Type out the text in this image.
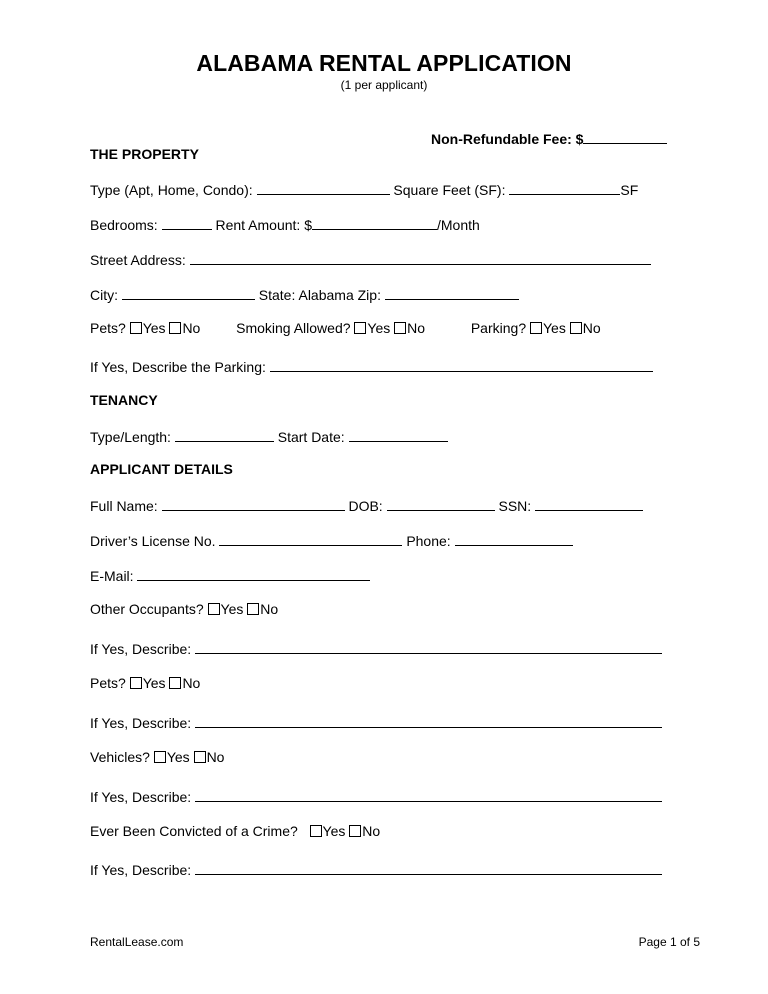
ALABAMA RENTAL APPLICATION
(1 per applicant)
Non-Refundable Fee: $
THE PROPERTY
Type (Apt, Home, Condo):	Square Feet (SF):	SF
Bedrooms:	Rent Amount: $	/Month
Street Address:
City:	State: Alabama Zip:
Pets? Yes No	Smoking Allowed? Yes No	Parking? Yes No
If Yes, Describe the Parking:
TENANCY
Type/Length:	Start Date:
APPLICANT DETAILS
Full Name:	DOB:	SSN:
Driver’s License No.	Phone:
E-Mail:
Other Occupants? Yes No
If Yes, Describe:
Pets? Yes No
If Yes, Describe:
Vehicles? Yes No
If Yes, Describe:
Ever Been Convicted of a Crime? Yes No
If Yes, Describe:
RentalLease.com	Page 1 of 5
